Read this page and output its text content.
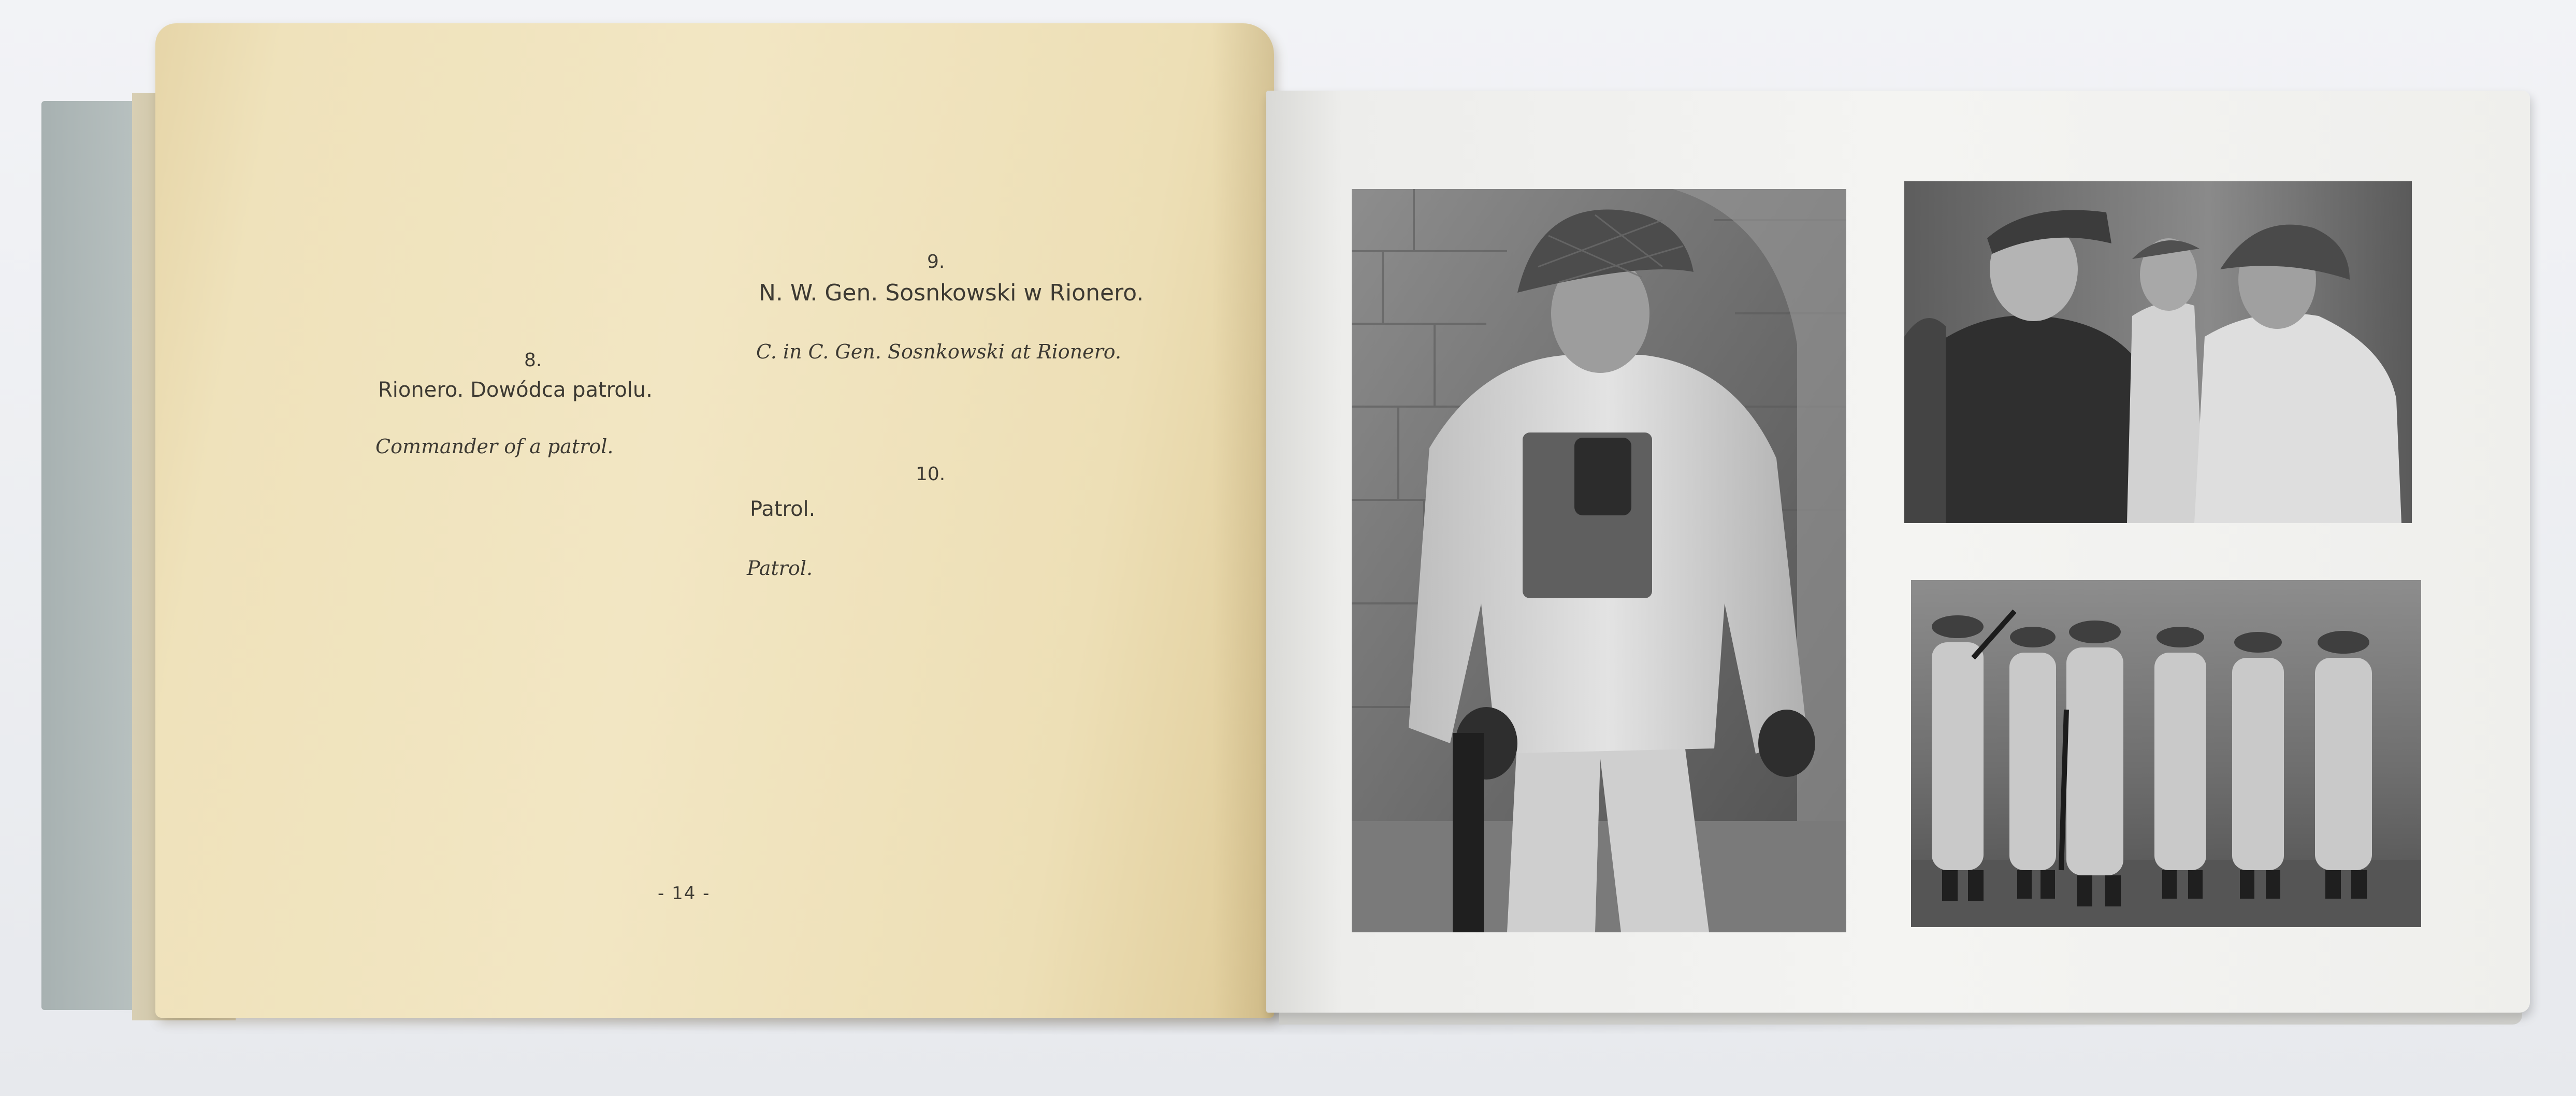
8.
Rionero. Dowódca patrolu.
Commander of a patrol.
9.
N. W. Gen. Sosnkowski w Rionero.
C. in C. Gen. Sosnkowski at Rionero.
10.
Patrol.
Patrol.
- 14 -
